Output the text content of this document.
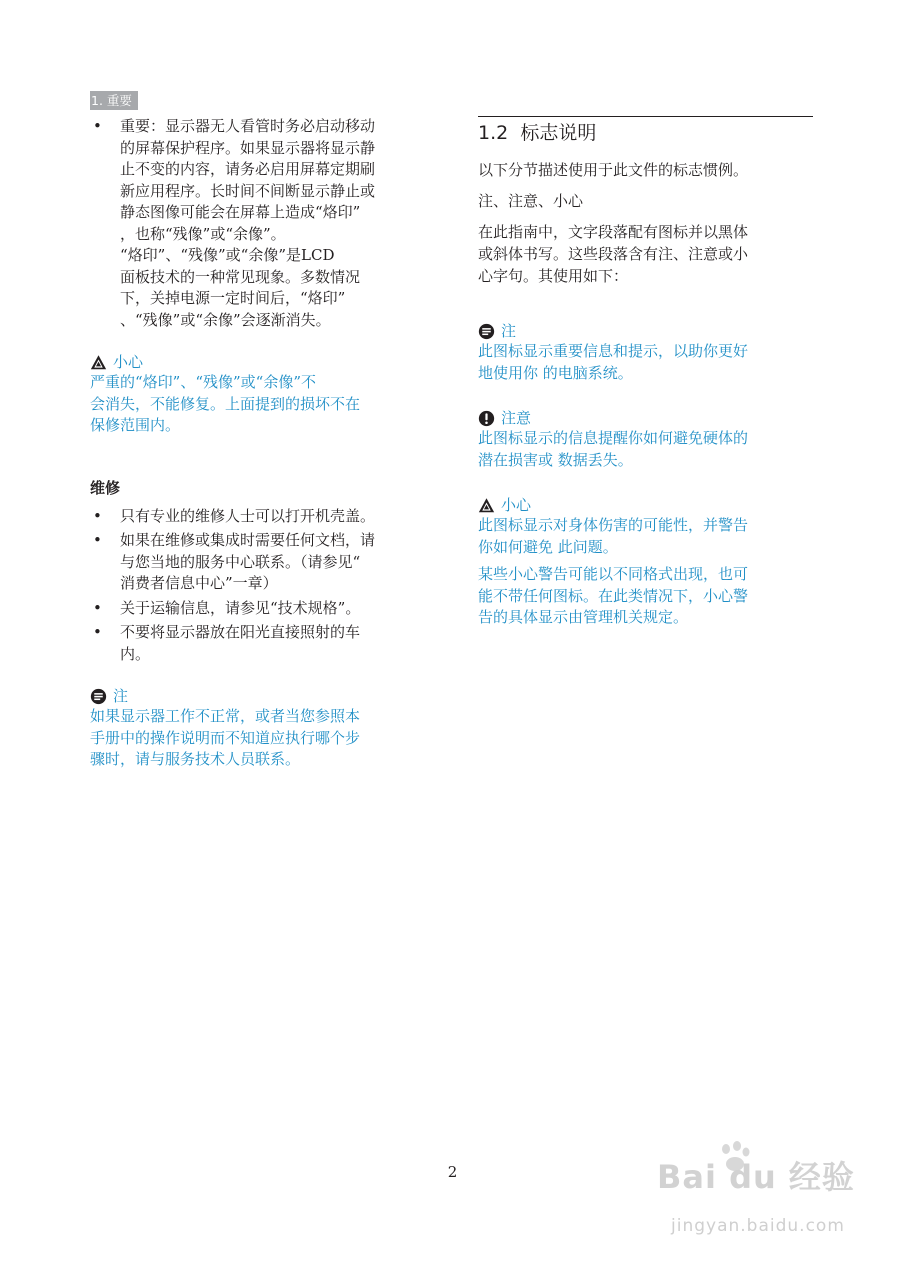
1. 重要
• 重要：显示器无人看管时务必启动移动
的屏幕保护程序。如果显示器将显示静
止不变的内容，请务必启用屏幕定期刷
新应用程序。长时间不间断显示静止或
静态图像可能会在屏幕上造成“烙印”
，也称“残像”或“余像”。
“烙印”、“残像”或“余像”是LCD
面板技术的一种常见现象。多数情况
下，关掉电源一定时间后，“烙印”
、“残像”或“余像”会逐渐消失。
小心
严重的“烙印”、“残像”或“余像”不
会消失，不能修复。上面提到的损坏不在
保修范围内。
维修
• 只有专业的维修人士可以打开机壳盖。
• 如果在维修或集成时需要任何文档，请
与您当地的服务中心联系。（请参见“
消费者信息中心”一章）
• 关于运输信息，请参见“技术规格”。
• 不要将显示器放在阳光直接照射的车
内。
注
如果显示器工作不正常，或者当您参照本
手册中的操作说明而不知道应执行哪个步
骤时，请与服务技术人员联系。
1.2 标志说明
以下分节描述使用于此文件的标志惯例。
注、注意、小心
在此指南中，文字段落配有图标并以黑体
或斜体书写。这些段落含有注、注意或小
心字句。其使用如下：
注
此图标显示重要信息和提示，以助你更好
地使用你 的电脑系统。
注意
此图标显示的信息提醒你如何避免硬体的
潜在损害或 数据丢失。
小心
此图标显示对身体伤害的可能性，并警告
你如何避免 此问题。
某些小心警告可能以不同格式出现，也可
能不带任何图标。在此类情况下，小心警
告的具体显示由管理机关规定。
2	Bai du 经验
jingyan.baidu.com
